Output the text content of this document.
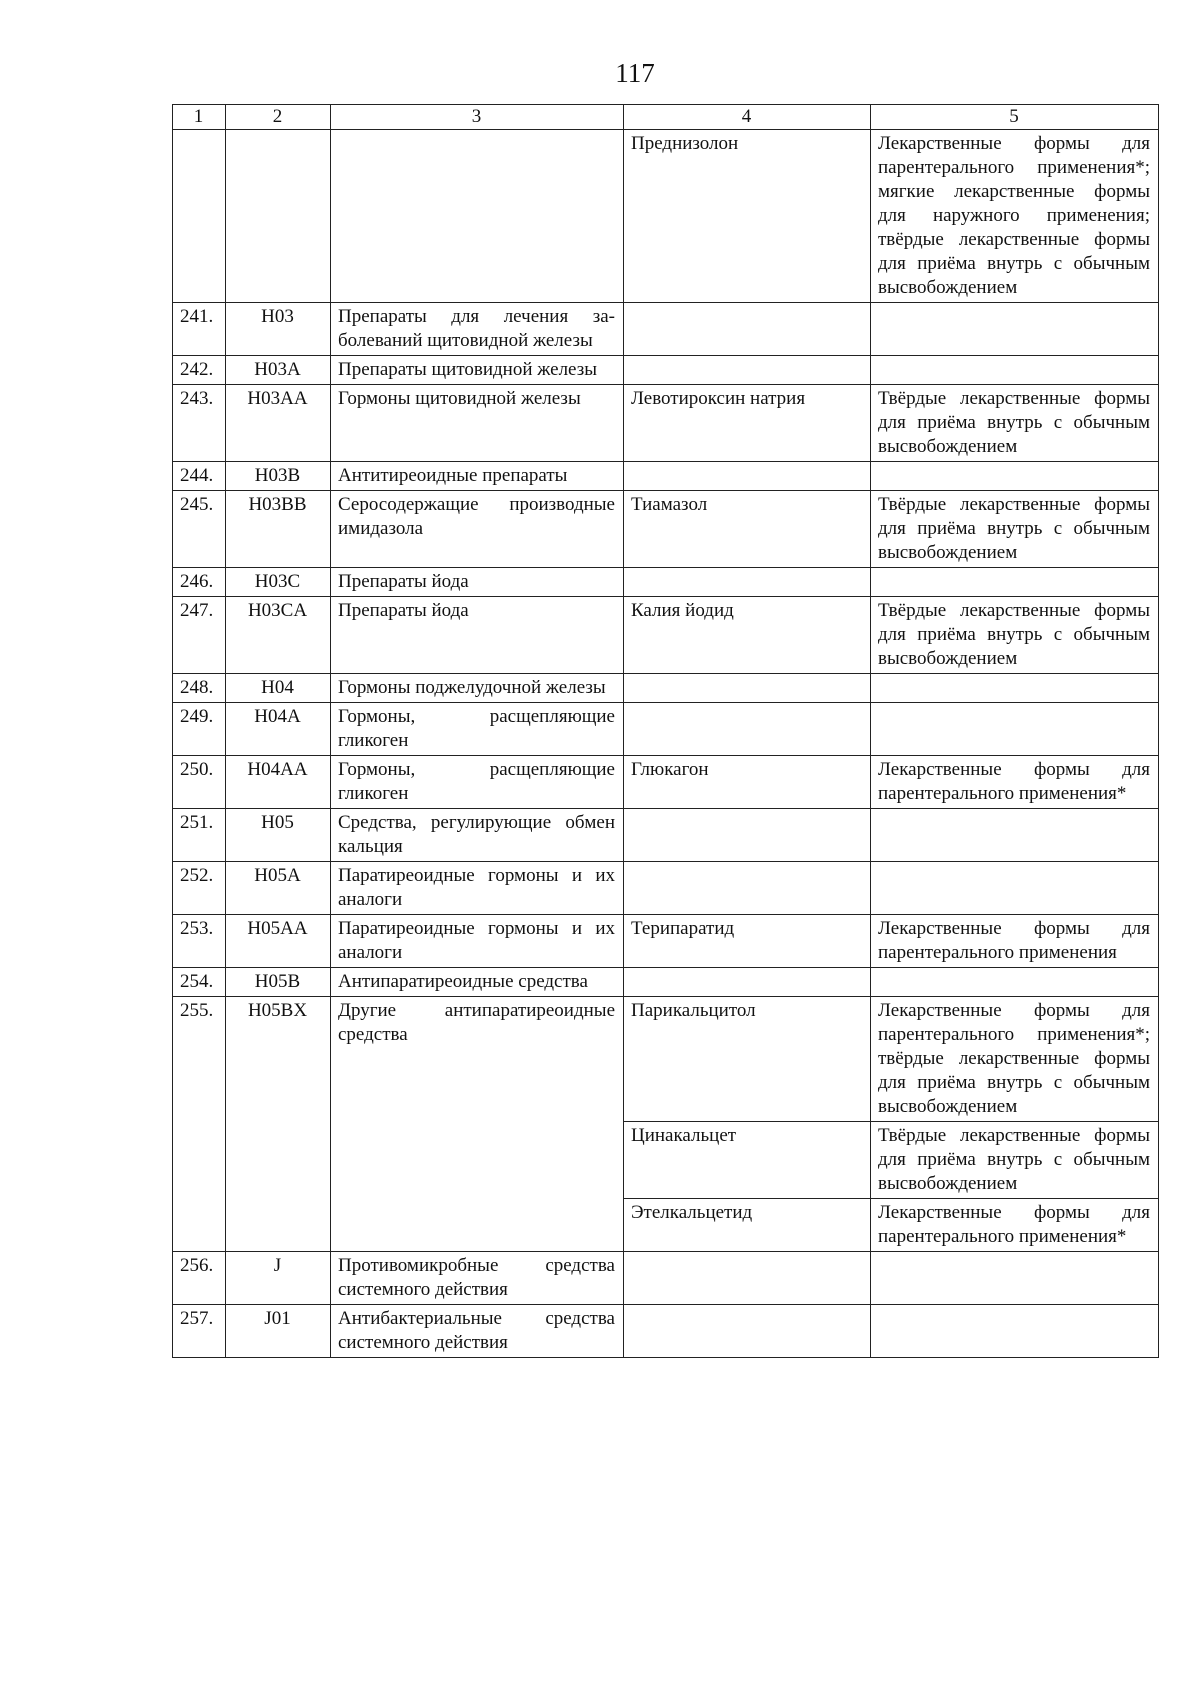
117
1	2	3	4	5
			Преднизолон	Лекарственные формы для парентерального применения*; мягкие лекарственные формы для наружного применения; твёрдые лекарственные формы для приёма внутрь с обычным высвобождением
241.	H03	Препараты для лечения заболеваний щитовидной железы		
242.	H03A	Препараты щитовидной железы		
243.	H03AA	Гормоны щитовидной железы	Левотироксин натрия	Твёрдые лекарственные формы для приёма внутрь с обычным высвобождением
244.	H03B	Антитиреоидные препараты		
245.	H03BB	Серосодержащие производные имидазола	Тиамазол	Твёрдые лекарственные формы для приёма внутрь с обычным высвобождением
246.	H03C	Препараты йода		
247.	H03CA	Препараты йода	Калия йодид	Твёрдые лекарственные формы для приёма внутрь с обычным высвобождением
248.	H04	Гормоны поджелудочной железы		
249.	H04A	Гормоны, расщепляющие гликоген		
250.	H04AA	Гормоны, расщепляющие гликоген	Глюкагон	Лекарственные формы для парентерального применения*
251.	H05	Средства, регулирующие обмен кальция		
252.	H05A	Паратиреоидные гормоны и их аналоги		
253.	H05AA	Паратиреоидные гормоны и их аналоги	Терипаратид	Лекарственные формы для парентерального применения
254.	H05B	Антипаратиреоидные средства		
255.	H05BX	Другие антипаратиреоидные средства	Парикальцитол	Лекарственные формы для парентерального применения*; твёрдые лекарственные формы для приёма внутрь с обычным высвобождением
			Цинакальцет	Твёрдые лекарственные формы для приёма внутрь с обычным высвобождением
			Этелкальцетид	Лекарственные формы для парентерального применения*
256.	J	Противомикробные средства системного действия		
257.	J01	Антибактериальные средства системного действия		
